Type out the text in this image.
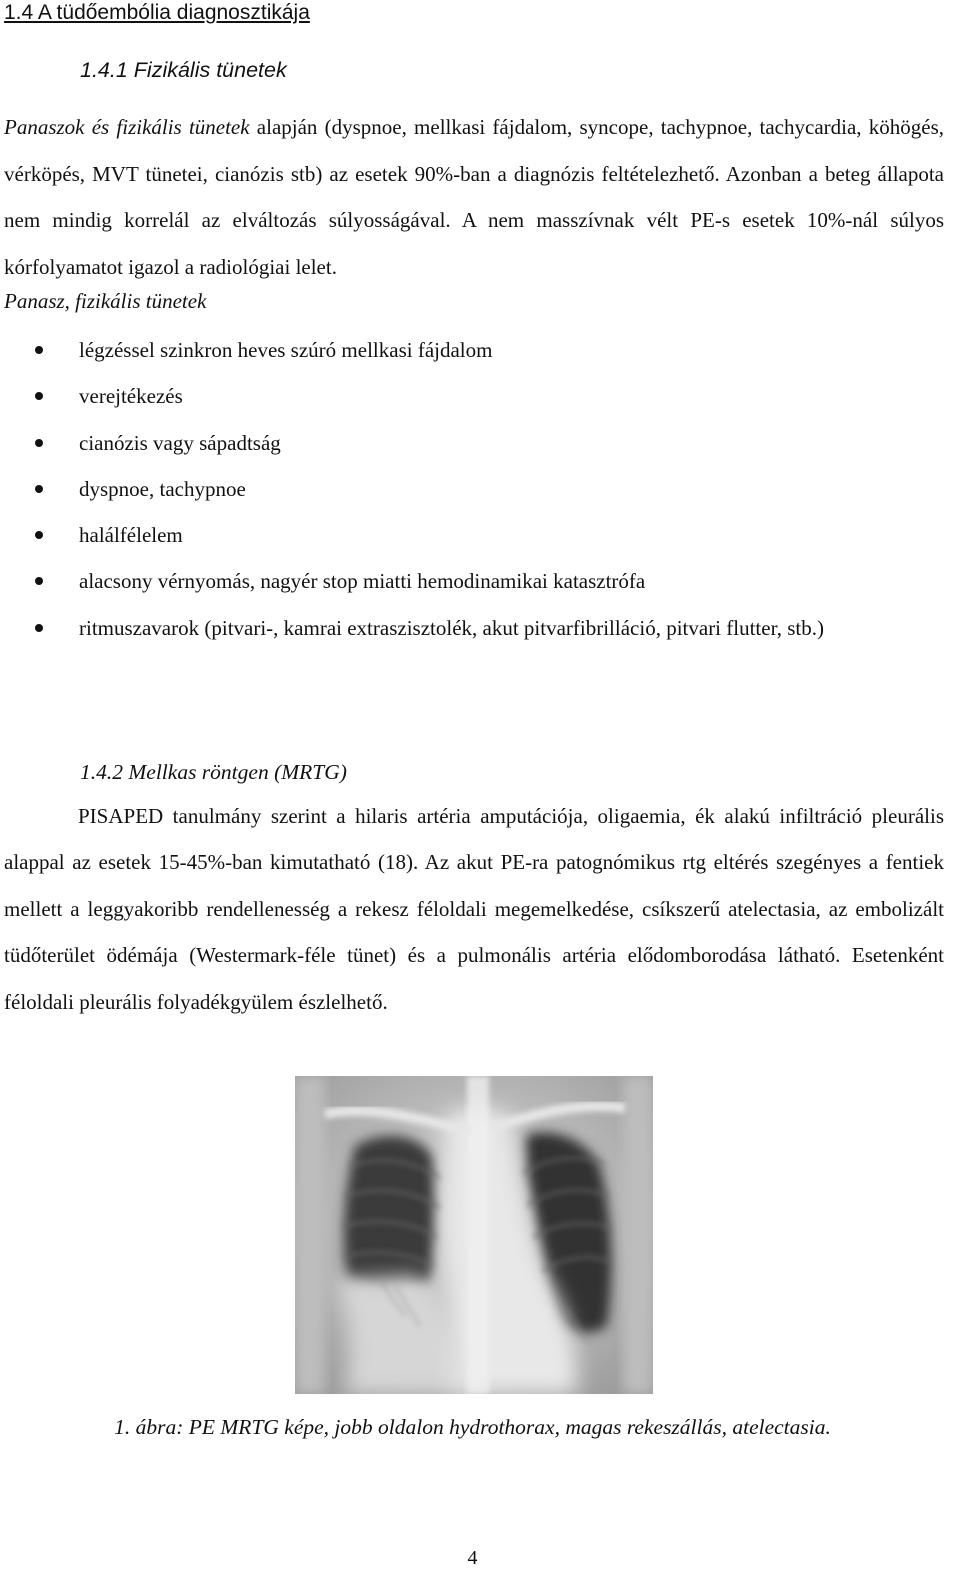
1.4 A tüdőembólia diagnosztikája
1.4.1 Fizikális tünetek
Panaszok és fizikális tünetek alapján (dyspnoe, mellkasi fájdalom, syncope, tachypnoe, tachycardia, köhögés, vérköpés, MVT tünetei, cianózis stb) az esetek 90%-ban a diagnózis feltételezhető. Azonban a beteg állapota nem mindig korrelál az elváltozás súlyosságával. A nem masszívnak vélt PE-s esetek 10%-nál súlyos kórfolyamatot igazol a radiológiai lelet.
Panasz, fizikális tünetek
légzéssel szinkron heves szúró mellkasi fájdalom
verejtékezés
cianózis vagy sápadtság
dyspnoe, tachypnoe
halálfélelem
alacsony vérnyomás, nagyér stop miatti hemodinamikai katasztrófa
ritmuszavarok (pitvari-, kamrai extraszisztolék, akut pitvarfibrilláció, pitvari flutter, stb.)
1.4.2 Mellkas röntgen (MRTG)
PISAPED tanulmány szerint a hilaris artéria amputációja, oligaemia, ék alakú infiltráció pleurális alappal az esetek 15-45%-ban kimutatható (18). Az akut PE-ra patognómikus rtg eltérés szegényes a fentiek mellett a leggyakoribb rendellenesség a rekesz féloldali megemelkedése, csíkszerű atelectasia, az embolizált tüdőterület ödémája (Westermark-féle tünet) és a pulmonális artéria elődomborodása látható. Esetenként féloldali pleurális folyadékgyülem észlelhető.
1. ábra: PE MRTG képe, jobb oldalon hydrothorax, magas rekeszállás, atelectasia.
4
